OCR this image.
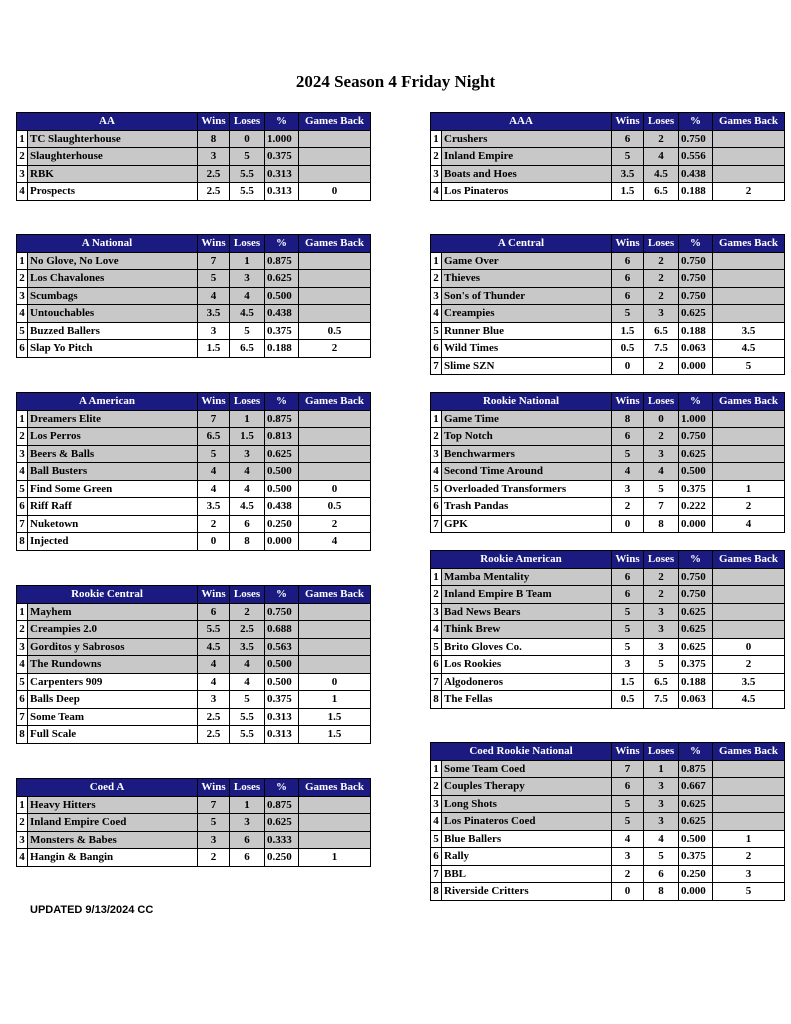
2024 Season 4 Friday Night
AA		Wins	Loses	%	Games Back
1	TC Slaughterhouse	8	0	1.000	
2	Slaughterhouse	3	5	0.375	
3	RBK	2.5	5.5	0.313	
4	Prospects	2.5	5.5	0.313	0
A National		Wins	Loses	%	Games Back
1	No Glove, No Love	7	1	0.875	
2	Los Chavalones	5	3	0.625	
3	Scumbags	4	4	0.500	
4	Untouchables	3.5	4.5	0.438	
5	Buzzed Ballers	3	5	0.375	0.5
6	Slap Yo Pitch	1.5	6.5	0.188	2
A American		Wins	Loses	%	Games Back
1	Dreamers Elite	7	1	0.875	
2	Los Perros	6.5	1.5	0.813	
3	Beers & Balls	5	3	0.625	
4	Ball Busters	4	4	0.500	
5	Find Some Green	4	4	0.500	0
6	Riff Raff	3.5	4.5	0.438	0.5
7	Nuketown	2	6	0.250	2
8	Injected	0	8	0.000	4
Rookie Central		Wins	Loses	%	Games Back
1	Mayhem	6	2	0.750	
2	Creampies 2.0	5.5	2.5	0.688	
3	Gorditos y Sabrosos	4.5	3.5	0.563	
4	The Rundowns	4	4	0.500	
5	Carpenters 909	4	4	0.500	0
6	Balls Deep	3	5	0.375	1
7	Some Team	2.5	5.5	0.313	1.5
8	Full Scale	2.5	5.5	0.313	1.5
Coed A		Wins	Loses	%	Games Back
1	Heavy Hitters	7	1	0.875	
2	Inland Empire Coed	5	3	0.625	
3	Monsters & Babes	3	6	0.333	
4	Hangin & Bangin	2	6	0.250	1
AAA		Wins	Loses	%	Games Back
1	Crushers	6	2	0.750	
2	Inland Empire	5	4	0.556	
3	Boats and Hoes	3.5	4.5	0.438	
4	Los Pinateros	1.5	6.5	0.188	2
A Central		Wins	Loses	%	Games Back
1	Game Over	6	2	0.750	
2	Thieves	6	2	0.750	
3	Son's of Thunder	6	2	0.750	
4	Creampies	5	3	0.625	
5	Runner Blue	1.5	6.5	0.188	3.5
6	Wild Times	0.5	7.5	0.063	4.5
7	Slime SZN	0	2	0.000	5
Rookie National		Wins	Loses	%	Games Back
1	Game Time	8	0	1.000	
2	Top Notch	6	2	0.750	
3	Benchwarmers	5	3	0.625	
4	Second Time Around	4	4	0.500	
5	Overloaded Transformers	3	5	0.375	1
6	Trash Pandas	2	7	0.222	2
7	GPK	0	8	0.000	4
Rookie American		Wins	Loses	%	Games Back
1	Mamba Mentality	6	2	0.750	
2	Inland Empire B Team	6	2	0.750	
3	Bad News Bears	5	3	0.625	
4	Think Brew	5	3	0.625	
5	Brito Gloves Co.	5	3	0.625	0
6	Los Rookies	3	5	0.375	2
7	Algodoneros	1.5	6.5	0.188	3.5
8	The Fellas	0.5	7.5	0.063	4.5
Coed Rookie National		Wins	Loses	%	Games Back
1	Some Team Coed	7	1	0.875	
2	Couples Therapy	6	3	0.667	
3	Long Shots	5	3	0.625	
4	Los Pinateros Coed	5	3	0.625	
5	Blue Ballers	4	4	0.500	1
6	Rally	3	5	0.375	2
7	BBL	2	6	0.250	3
8	Riverside Critters	0	8	0.000	5
UPDATED 9/13/2024 CC
